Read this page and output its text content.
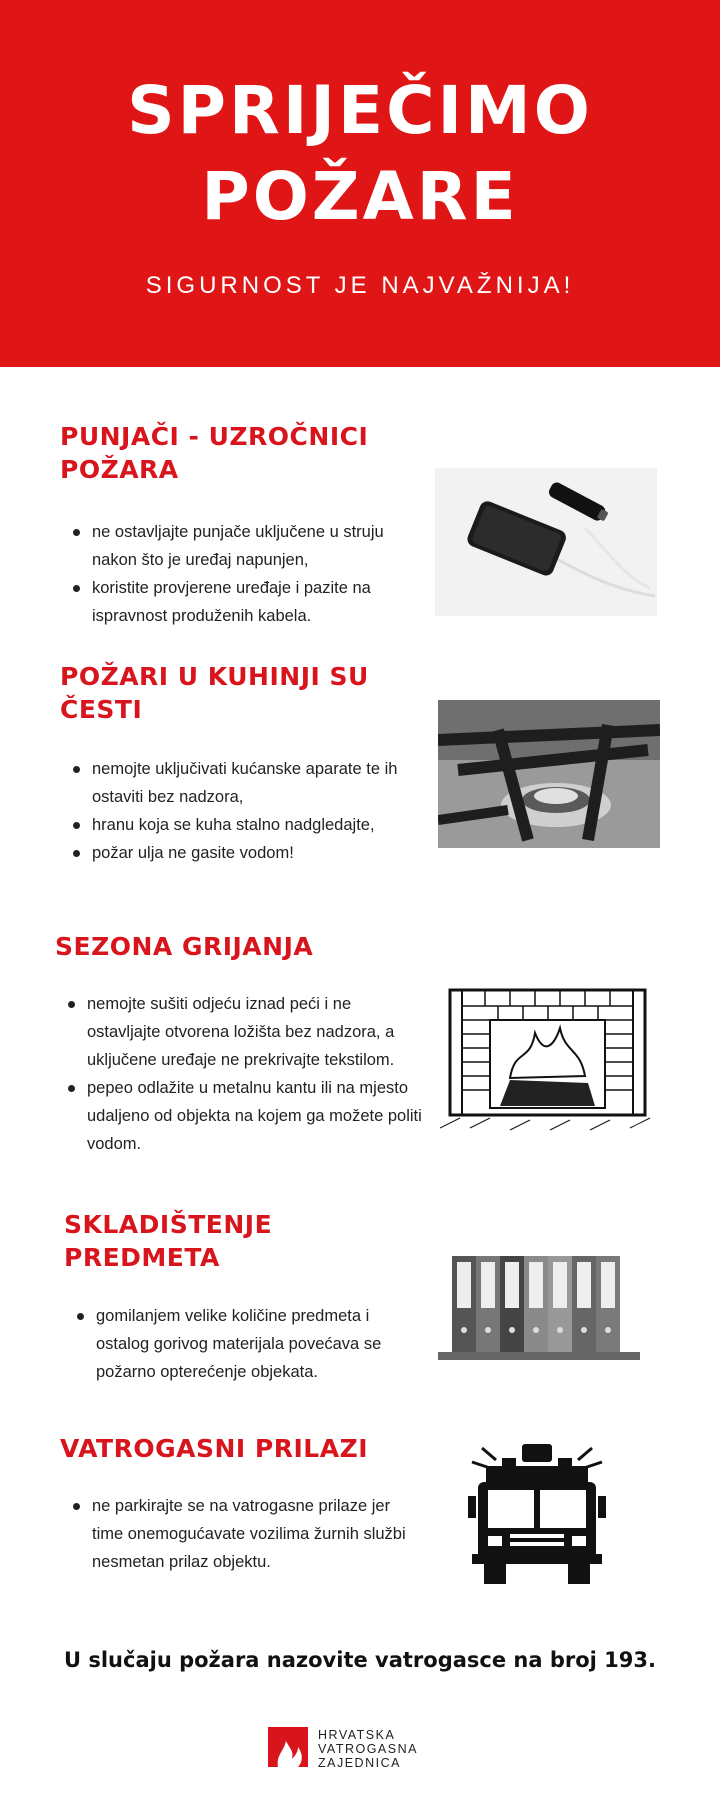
SPRIJEČIMO
POŽARE
SIGURNOST JE NAJVAŽNIJA!
PUNJAČI - UZROČNICI
POŽARA
ne ostavljajte punjače uključene u struju nakon što je uređaj napunjen,
koristite provjerene uređaje i pazite na ispravnost produženih kabela.
POŽARI U KUHINJI SU
ČESTI
nemojte uključivati kućanske aparate te ih ostaviti bez nadzora,
hranu koja se kuha stalno nadgledajte,
požar ulja ne gasite vodom!
SEZONA GRIJANJA
nemojte sušiti odjeću iznad peći i ne ostavljajte otvorena ložišta bez nadzora, a uključene uređaje ne prekrivajte tekstilom.
pepeo odlažite u metalnu kantu ili na mjesto udaljeno od objekta na kojem ga možete politi vodom.
SKLADIŠTENJE
PREDMETA
gomilanjem velike količine predmeta i ostalog gorivog materijala povećava se požarno opterećenje objekata.
VATROGASNI PRILAZI
ne parkirajte se na vatrogasne prilaze jer time onemogućavate vozilima žurnih službi nesmetan prilaz objektu.
U slučaju požara nazovite vatrogasce na broj 193.
HRVATSKA
VATROGASNA
ZAJEDNICA
